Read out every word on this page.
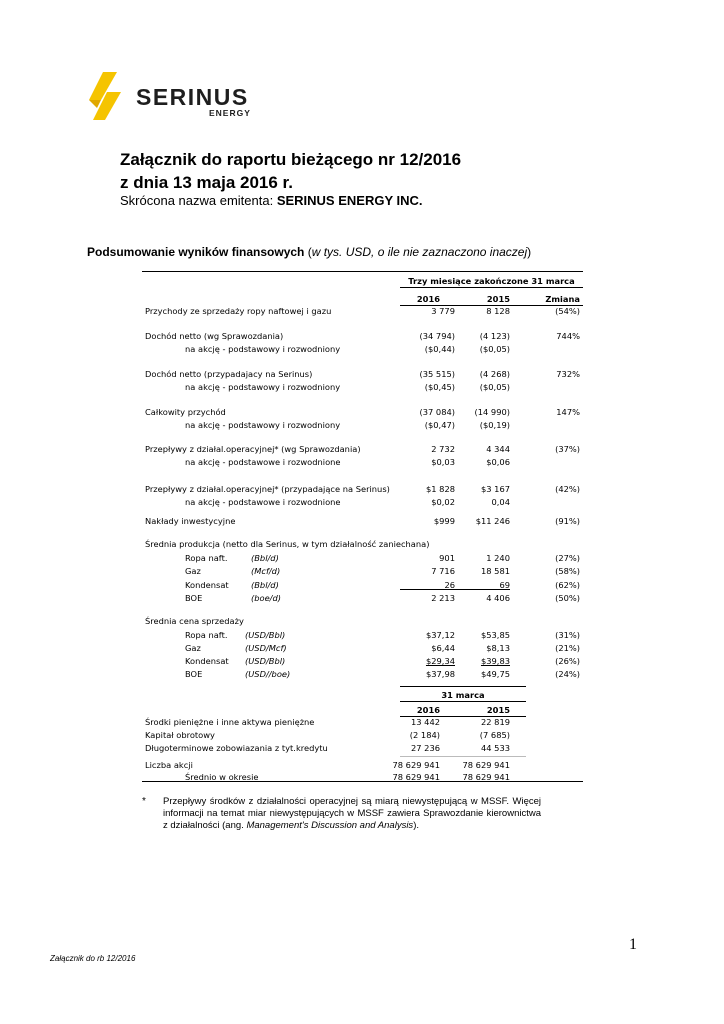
SERINUS
ENERGY
Załącznik do raportu bieżącego nr 12/2016
z dnia 13 maja 2016 r.
Skrócona nazwa emitenta: SERINUS ENERGY INC.
Podsumowanie wyników finansowych (w tys. USD, o ile nie zaznaczono inaczej)
Trzy miesiące zakończone 31 marca
2016	2015	Zmiana
Przychody ze sprzedaży ropy naftowej i gazu	3 779	8 128	(54%)
Dochód netto (wg Sprawozdania)	(34 794)	(4 123)	744%
na akcję - podstawowy i rozwodniony	($0,44)	($0,05)
Dochód netto (przypadajacy na Serinus)	(35 515)	(4 268)	732%
na akcję - podstawowy i rozwodniony	($0,45)	($0,05)
Całkowity przychód	(37 084)	(14 990)	147%
na akcję - podstawowy i rozwodniony	($0,47)	($0,19)
Przepływy z działal.operacyjnej* (wg Sprawozdania)	2 732	4 344	(37%)
na akcję - podstawowe i rozwodnione	$0,03	$0,06
Przepływy z działal.operacyjnej* (przypadające na Serinus)	$1 828	$3 167	(42%)
na akcję - podstawowe i rozwodnione	$0,02	0,04
Nakłady inwestycyjne	$999	$11 246	(91%)
Średnia produkcja (netto dla Serinus, w tym działalność zaniechana)
Ropa naft.	(Bbl/d)	901	1 240	(27%)
Gaz	(Mcf/d)	7 716	18 581	(58%)
Kondensat	(Bbl/d)	26	69	(62%)
BOE	(boe/d)	2 213	4 406	(50%)
Średnia cena sprzedaży
Ropa naft. (USD/Bbl)	$37,12	$53,85	(31%)
Gaz	(USD/Mcf)	$6,44	$8,13	(21%)
Kondensat (USD/Bbl)	$29,34	$39,83	(26%)
BOE	(USD//boe)	$37,98	$49,75	(24%)
31 marca
2016	2015
Środki pieniężne i inne aktywa pieniężne	13 442	22 819
Kapitał obrotowy	(2 184)	(7 685)
Długoterminowe zobowiazania z tyt.kredytu	27 236	44 533
Liczba akcji	78 629 941	78 629 941
Średnio w okresie	78 629 941	78 629 941
* Przepływy środków z działalności operacyjnej są miarą niewystępującą w MSSF. Więcej informacji na temat miar niewystępujących w MSSF zawiera Sprawozdanie kierownictwa z działalności (ang. Management's Discussion and Analysis).
1
Załącznik do rb 12/2016
